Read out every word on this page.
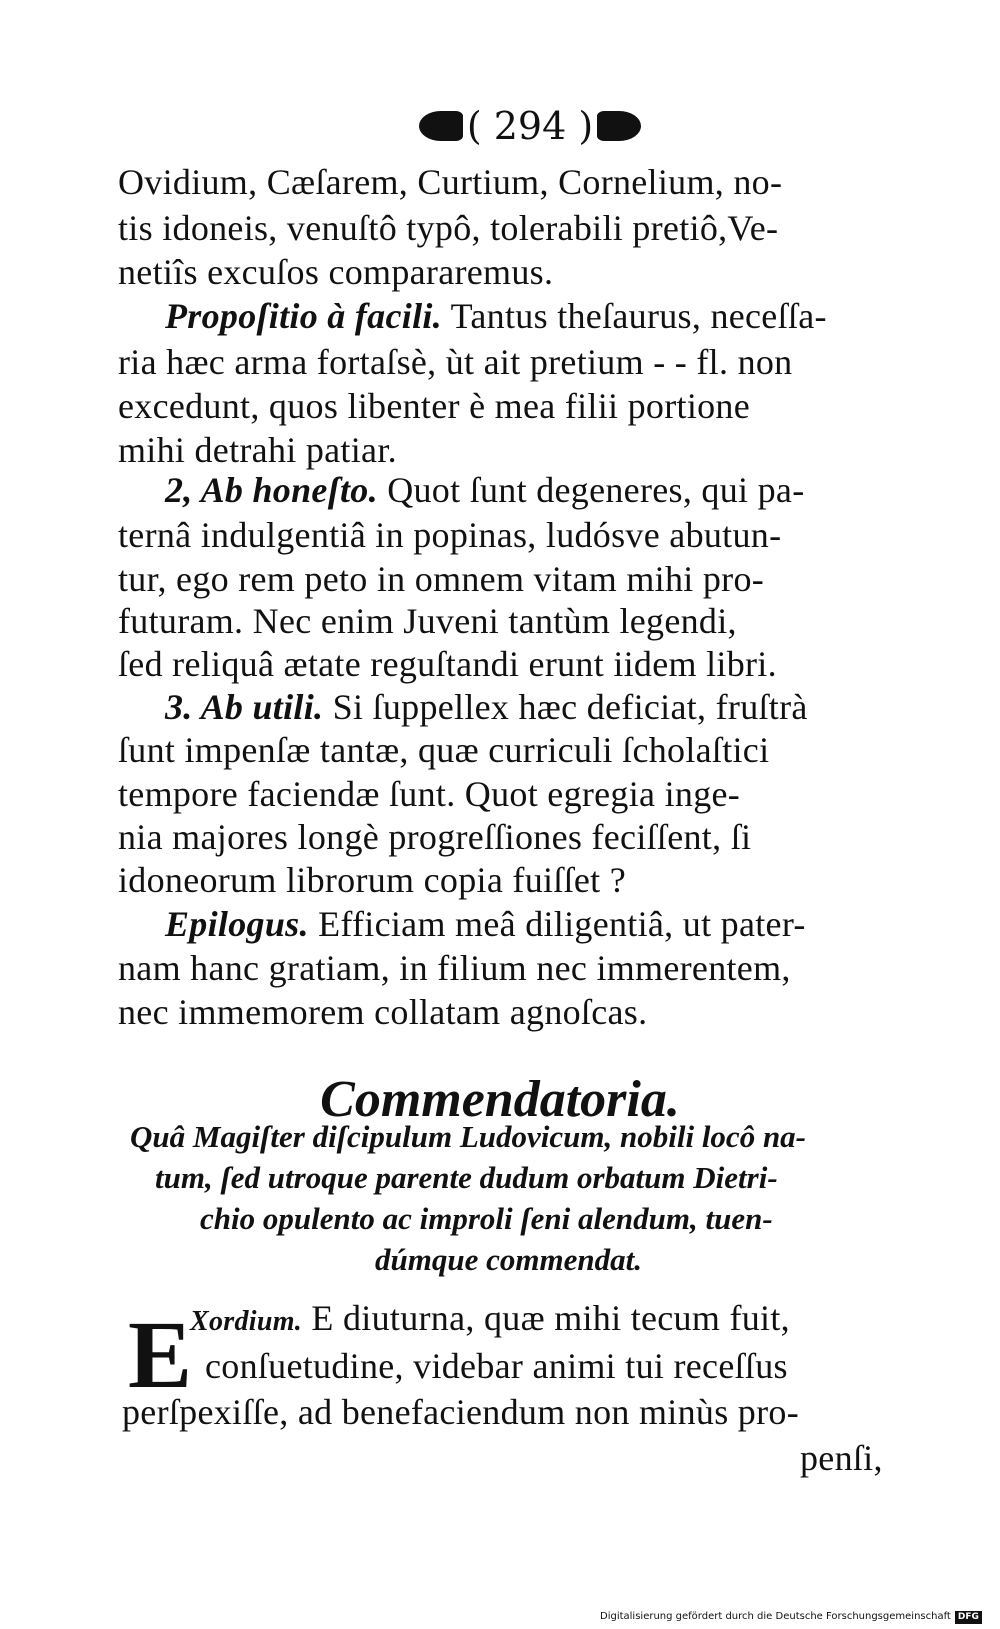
( 294 )
Ovidium, Cæſarem, Curtium, Cornelium, no-
tis idoneis, venuſtô typô, tolerabili pretiô,Ve-
netiîs excuſos compararemus.
Propoſitio à facili. Tantus theſaurus, neceſſa-
ria hæc arma fortaſsè, ùt ait pretium - - fl. non
excedunt, quos libenter è mea filii portione
mihi detrahi patiar.
2, Ab honeſto. Quot ſunt degeneres, qui pa-
ternâ indulgentiâ in popinas, ludósve abutun-
tur, ego rem peto in omnem vitam mihi pro-
futuram. Nec enim Juveni tantùm legendi,
ſed reliquâ ætate reguſtandi erunt iidem libri.
3. Ab utili. Si ſuppellex hæc deficiat, fruſtrà
ſunt impenſæ tantæ, quæ curriculi ſcholaſtici
tempore faciendæ ſunt. Quot egregia inge-
nia majores longè progreſſiones feciſſent, ſi
idoneorum librorum copia fuiſſet ?
Epilogus. Efficiam meâ diligentiâ, ut pater-
nam hanc gratiam, in filium nec immerentem,
nec immemorem collatam agnoſcas.
Commendatoria.
Quâ Magiſter diſcipulum Ludovicum, nobili locô na-
tum, ſed utroque parente dudum orbatum Dietri-
chio opulento ac improli ſeni alendum, tuen-
dúmque commendat.
E
Xordium. E diuturna, quæ mihi tecum fuit,
conſuetudine, videbar animi tui receſſus
perſpexiſſe, ad benefaciendum non minùs pro-
penſi,
Digitalisierung gefördert durch die Deutsche Forschungsgemeinschaft DFG
